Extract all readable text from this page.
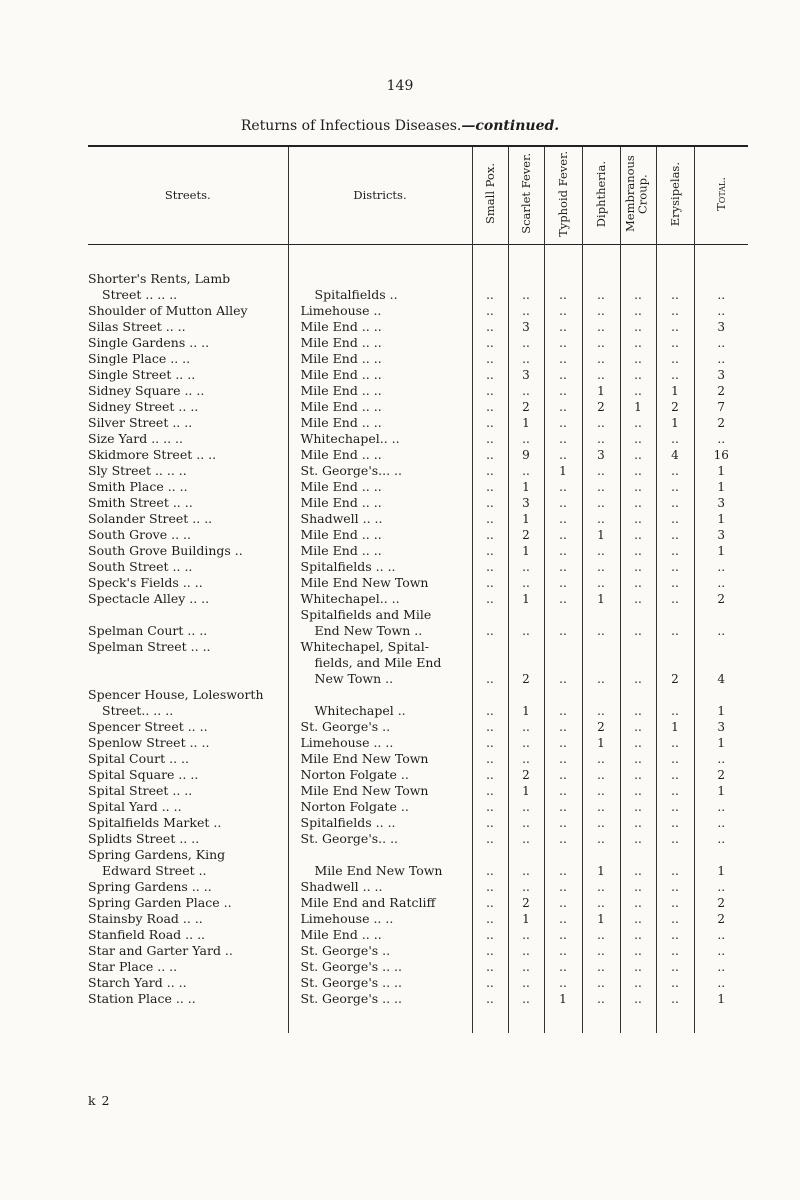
149
Returns of Infectious Diseases.—continued.
Streets.	Districts.	Small Pox.	Scarlet Fever.	Typhoid Fever.	Diphtheria.	Membranous Croup.	Erysipelas.	Total.

Shorter's Rents, Lamb
Street .. .. ..	Spitalfields ..	..	..	..	..	..	..	..

Shoulder of Mutton Alley	Limehouse ..	..	..	..	..	..	..	..

Silas Street .. ..	Mile End .. ..	..	3	..	..	..	..	3

Single Gardens .. ..	Mile End .. ..	..	..	..	..	..	..	..

Single Place .. ..	Mile End .. ..	..	..	..	..	..	..	..

Single Street .. ..	Mile End .. ..	..	3	..	..	..	..	3

Sidney Square .. ..	Mile End .. ..	..	..	..	1	..	1	2

Sidney Street .. ..	Mile End .. ..	..	2	..	2	1	2	7

Silver Street .. ..	Mile End .. ..	..	1	..	..	..	1	2

Size Yard .. .. ..	Whitechapel.. ..	..	..	..	..	..	..	..

Skidmore Street .. ..	Mile End .. ..	..	9	..	3	..	4	16

Sly Street .. .. ..	St. George's... ..	..	..	1	..	..	..	1

Smith Place .. ..	Mile End .. ..	..	1	..	..	..	..	1

Smith Street .. ..	Mile End .. ..	..	3	..	..	..	..	3

Solander Street .. ..	Shadwell .. ..	..	1	..	..	..	..	1

South Grove .. ..	Mile End .. ..	..	2	..	1	..	..	3

South Grove Buildings ..	Mile End .. ..	..	1	..	..	..	..	1

South Street .. ..	Spitalfields .. ..	..	..	..	..	..	..	..

Speck's Fields .. ..	Mile End New Town	..	..	..	..	..	..	..

Spectacle Alley .. ..	Whitechapel.. ..	..	1	..	1	..	..	2

Spelman Court .. ..	Spitalfields and Mile
End New Town ..	..	..	..	..	..	..	..

Spelman Street .. ..	Whitechapel, Spital-
fields, and Mile End
New Town ..	..	2	..	..	..	2	4

Spencer House, Lolesworth
Street.. .. ..	Whitechapel ..	..	1	..	..	..	..	1

Spencer Street .. ..	St. George's ..	..	..	..	2	..	1	3

Spenlow Street .. ..	Limehouse .. ..	..	..	..	1	..	..	1

Spital Court .. ..	Mile End New Town	..	..	..	..	..	..	..

Spital Square .. ..	Norton Folgate ..	..	2	..	..	..	..	2

Spital Street .. ..	Mile End New Town	..	1	..	..	..	..	1

Spital Yard .. ..	Norton Folgate ..	..	..	..	..	..	..	..

Spitalfields Market ..	Spitalfields .. ..	..	..	..	..	..	..	..

Splidts Street .. ..	St. George's.. ..	..	..	..	..	..	..	..

Spring Gardens, King
Edward Street ..	Mile End New Town	..	..	..	1	..	..	1

Spring Gardens .. ..	Shadwell .. ..	..	..	..	..	..	..	..

Spring Garden Place ..	Mile End and Ratcliff	..	2	..	..	..	..	2

Stainsby Road .. ..	Limehouse .. ..	..	1	..	1	..	..	2

Stanfield Road .. ..	Mile End .. ..	..	..	..	..	..	..	..

Star and Garter Yard ..	St. George's ..	..	..	..	..	..	..	..

Star Place .. ..	St. George's .. ..	..	..	..	..	..	..	..

Starch Yard .. ..	St. George's .. ..	..	..	..	..	..	..	..

Station Place .. ..	St. George's .. ..	..	..	1	..	..	..	1

k 2
